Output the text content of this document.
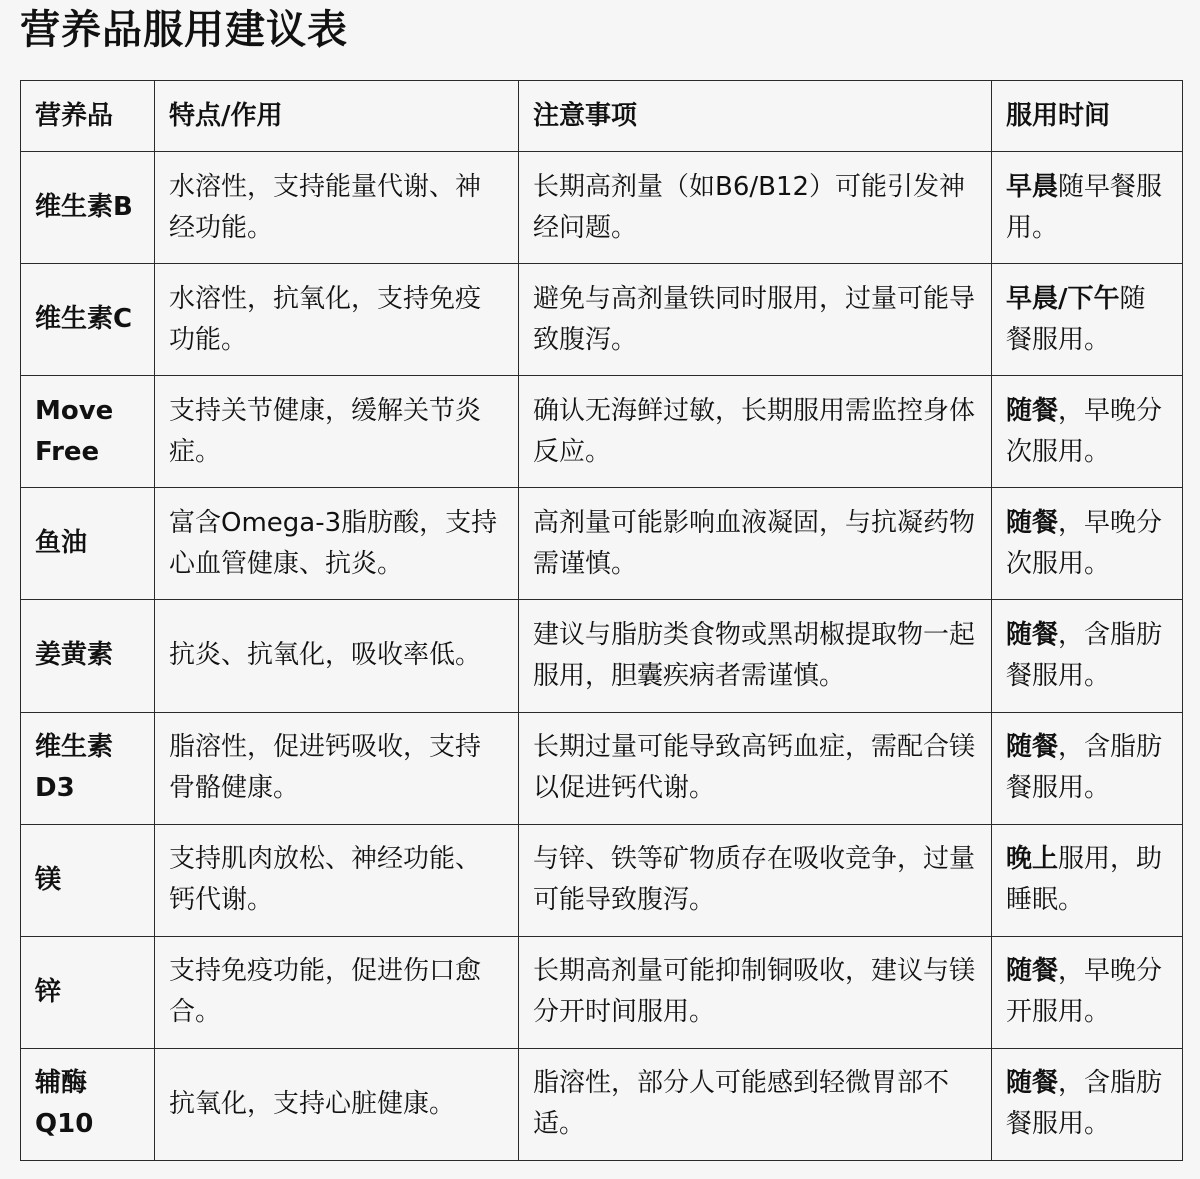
营养品服用建议表
营养品	特点/作用	注意事项	服用时间
维生素B	水溶性，支持能量代谢、神经功能。	长期高剂量（如B6/B12）可能引发神经问题。	早晨随早餐服用。
维生素C	水溶性，抗氧化，支持免疫功能。	避免与高剂量铁同时服用，过量可能导致腹泻。	早晨/下午随餐服用。
Move Free	支持关节健康，缓解关节炎症。	确认无海鲜过敏，长期服用需监控身体反应。	随餐，早晚分次服用。
鱼油	富含Omega-3脂肪酸，支持心血管健康、抗炎。	高剂量可能影响血液凝固，与抗凝药物需谨慎。	随餐，早晚分次服用。
姜黄素	抗炎、抗氧化，吸收率低。	建议与脂肪类食物或黑胡椒提取物一起服用，胆囊疾病者需谨慎。	随餐，含脂肪餐服用。
维生素D3	脂溶性，促进钙吸收，支持骨骼健康。	长期过量可能导致高钙血症，需配合镁以促进钙代谢。	随餐，含脂肪餐服用。
镁	支持肌肉放松、神经功能、钙代谢。	与锌、铁等矿物质存在吸收竞争，过量可能导致腹泻。	晚上服用，助睡眠。
锌	支持免疫功能，促进伤口愈合。	长期高剂量可能抑制铜吸收，建议与镁分开时间服用。	随餐，早晚分开服用。
辅酶Q10	抗氧化，支持心脏健康。	脂溶性，部分人可能感到轻微胃部不适。	随餐，含脂肪餐服用。
